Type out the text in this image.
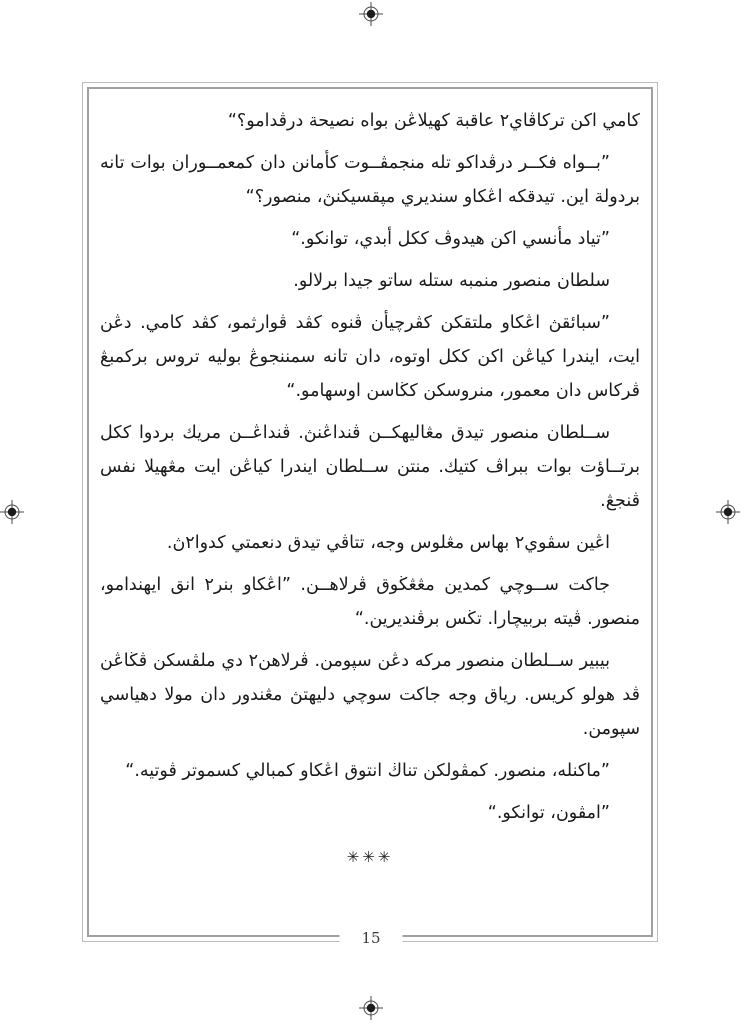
كامي اكن تركاڤاي٢ عاقبة كهيلاڠن بواه نصيحة درڤدامو؟“

”بــواه فكــر درڤداكو تله منجمڤــوت كأمانن دان كمعمــوران بوات تانه بردولة اين. تيدقكه اڠكاو سنديري مڽقسيكنڽ، منصور؟“

”تياد مأنسي اكن هيدوڤ ككل أبدي، توانكو.“

سلطان منصور منمبه ستله ساتو جيدا برلالو.

”سبائقڽ اڠكاو ملتقكن كڤرچيأن ڤنوه كڤد ڤوارثمو، كڤد كامي. دڠن ايت، ايندرا كياڠن اكن ككل اوتوه، دان تانه سمننجوڠ بوليه تروس بركمبڠ ڤركاس دان معمور، منروسكن كڬاسن اوسهامو.“

ســلطان منصور تيدق مڠاليهكــن ڤنداڠنڽ. ڤنداڠــن مريك بردوا ككل برتــاؤت بوات ببراڤ كتيك. منتن ســلطان ايندرا كياڠن ايت مڠهيلا نفس ڤنجڠ.

اڠين سڤوي٢ بهاس مڠلوس وجه، تتاڤي تيدق دنعمتي كدوا٢ڽ.

جاكت ســوچي كمدين مڠڠڬوق ڤرلاهــن. ”اڠكاو بنر٢ انق ايهندامو، منصور. ڤيته بربيچارا. تڬس برڤنديرين.“

بيبير ســلطان منصور مركه دڠن سڽومن. ڤرلاهن٢ دي ملڤسكن ڤڬاڠن ڤد هولو كريس. رياق وجه جاكت سوچي دليهتڽ مڠندور دان مولا دهياسي سڽومن.

”ماكنله، منصور. كمڤولكن تناڬ انتوق اڠكاو كمبالي كسموتر ڤوتيه.“

”امڤون، توانكو.“

✳✳✳
15
